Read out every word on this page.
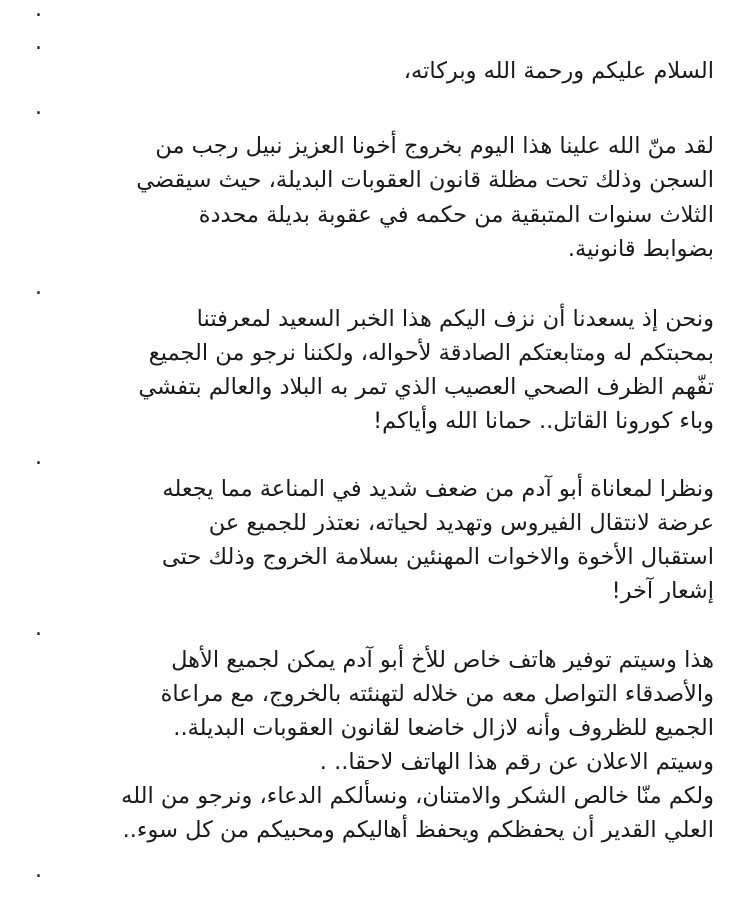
.
.
.
.
.
.
.
السلام عليكم ورحمة الله وبركاته،
لقد منّ الله علينا هذا اليوم بخروج أخونا العزيز نبيل رجب من
السجن وذلك تحت مظلة قانون العقوبات البديلة، حيث سيقضي
الثلاث سنوات المتبقية من حكمه في عقوبة بديلة محددة
بضوابط قانونية.
ونحن إذ يسعدنا أن نزف اليكم هذا الخبر السعيد لمعرفتنا
بمحبتكم له ومتابعتكم الصادقة لأحواله، ولكننا نرجو من الجميع
تفّهم الظرف الصحي العصيب الذي تمر به البلاد والعالم بتفشي
وباء كورونا القاتل.. حمانا الله وأياكم!
ونظرا لمعاناة أبو آدم من ضعف شديد في المناعة مما يجعله
عرضة لانتقال الفيروس وتهديد لحياته، نعتذر للجميع عن
استقبال الأخوة والاخوات المهنئين بسلامة الخروج وذلك حتى
إشعار آخر!
هذا وسيتم توفير هاتف خاص للأخ أبو آدم يمكن لجميع الأهل
والأصدقاء التواصل معه من خلاله لتهنئته بالخروج، مع مراعاة
الجميع للظروف وأنه لازال خاضعا لقانون العقوبات البديلة..
وسيتم الاعلان عن رقم هذا الهاتف لاحقا.. .
ولكم منّا خالص الشكر والامتنان، ونسألكم الدعاء، ونرجو من الله
العلي القدير أن يحفظكم ويحفظ أهاليكم ومحبيكم من كل سوء..
